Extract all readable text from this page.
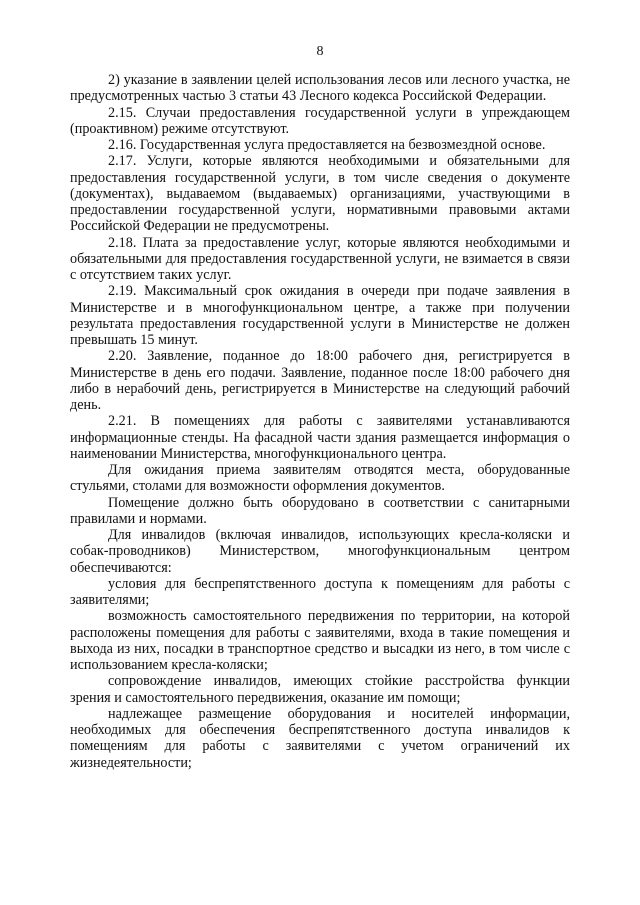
8

2) указание в заявлении целей использования лесов или лесного участка, не предусмотренных частью 3 статьи 43 Лесного кодекса Российской Федерации.

2.15. Случаи предоставления государственной услуги в упреждающем (проактивном) режиме отсутствуют.

2.16. Государственная услуга предоставляется на безвозмездной основе.

2.17. Услуги, которые являются необходимыми и обязательными для предоставления государственной услуги, в том числе сведения о документе (документах), выдаваемом (выдаваемых) организациями, участвующими в предоставлении государственной услуги, нормативными правовыми актами Российской Федерации не предусмотрены.

2.18. Плата за предоставление услуг, которые являются необходимыми и обязательными для предоставления государственной услуги, не взимается в связи с отсутствием таких услуг.

2.19. Максимальный срок ожидания в очереди при подаче заявления в Министерстве и в многофункциональном центре, а также при получении результата предоставления государственной услуги в Министерстве не должен превышать 15 минут.

2.20. Заявление, поданное до 18:00 рабочего дня, регистрируется в Министерстве в день его подачи. Заявление, поданное после 18:00 рабочего дня либо в нерабочий день, регистрируется в Министерстве на следующий рабочий день.

2.21. В помещениях для работы с заявителями устанавливаются информационные стенды. На фасадной части здания размещается информация о наименовании Министерства, многофункционального центра.

Для ожидания приема заявителям отводятся места, оборудованные стульями, столами для возможности оформления документов.

Помещение должно быть оборудовано в соответствии с санитарными правилами и нормами.

Для инвалидов (включая инвалидов, использующих кресла-коляски и собак-проводников) Министерством, многофункциональным центром обеспечиваются:

условия для беспрепятственного доступа к помещениям для работы с заявителями;

возможность самостоятельного передвижения по территории, на которой расположены помещения для работы с заявителями, входа в такие помещения и выхода из них, посадки в транспортное средство и высадки из него, в том числе с использованием кресла-коляски;

сопровождение инвалидов, имеющих стойкие расстройства функции зрения и самостоятельного передвижения, оказание им помощи;

надлежащее размещение оборудования и носителей информации, необходимых для обеспечения беспрепятственного доступа инвалидов к помещениям для работы с заявителями с учетом ограничений их жизнедеятельности;
